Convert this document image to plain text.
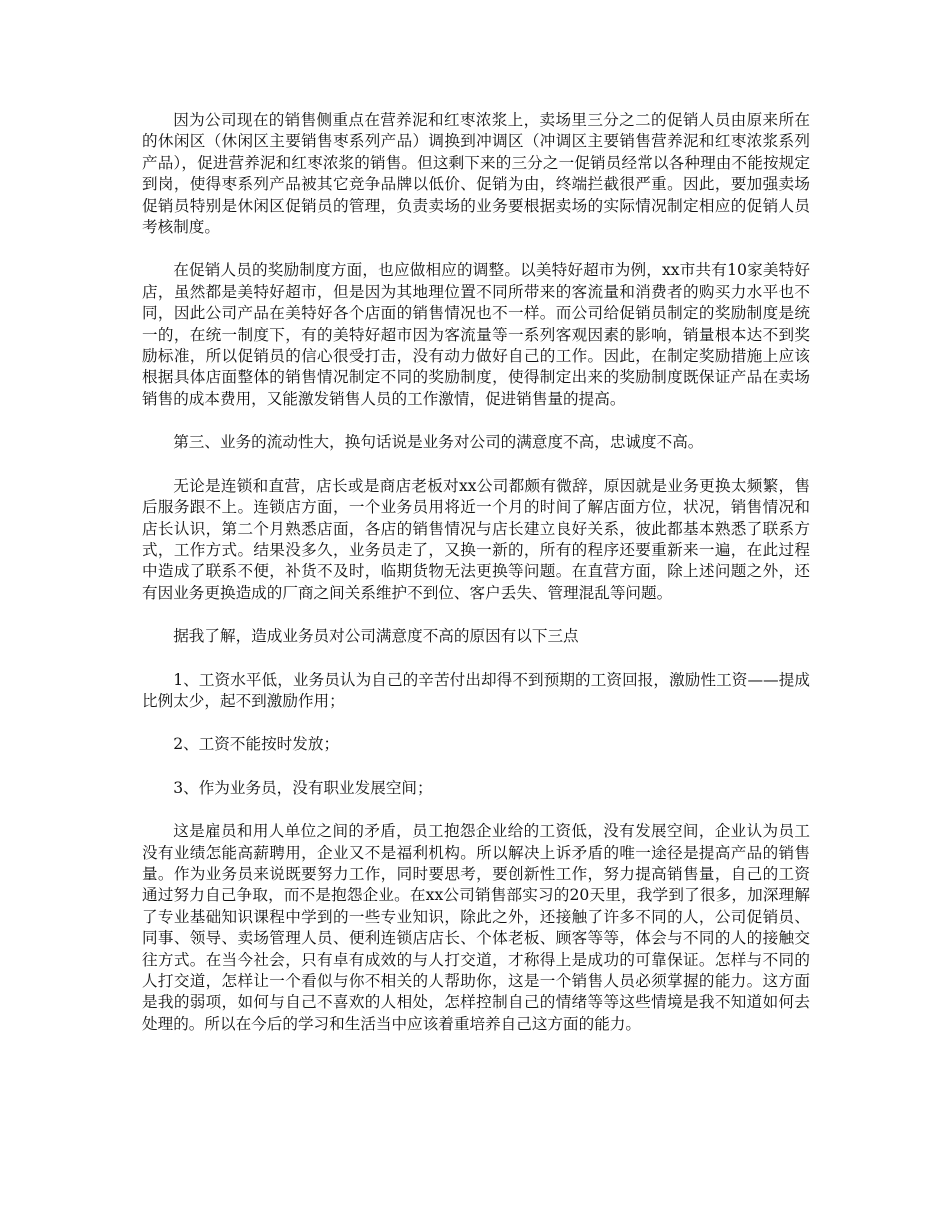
因为公司现在的销售侧重点在营养泥和红枣浓浆上，卖场里三分之二的促销人员由原来所在的休闲区（休闲区主要销售枣系列产品）调换到冲调区（冲调区主要销售营养泥和红枣浓浆系列产品），促进营养泥和红枣浓浆的销售。但这剩下来的三分之一促销员经常以各种理由不能按规定到岗，使得枣系列产品被其它竞争品牌以低价、促销为由，终端拦截很严重。因此，要加强卖场促销员特别是休闲区促销员的管理，负责卖场的业务要根据卖场的实际情况制定相应的促销人员考核制度。

在促销人员的奖励制度方面，也应做相应的调整。以美特好超市为例，xx市共有10家美特好店，虽然都是美特好超市，但是因为其地理位置不同所带来的客流量和消费者的购买力水平也不同，因此公司产品在美特好各个店面的销售情况也不一样。而公司给促销员制定的奖励制度是统一的，在统一制度下，有的美特好超市因为客流量等一系列客观因素的影响，销量根本达不到奖励标准，所以促销员的信心很受打击，没有动力做好自己的工作。因此，在制定奖励措施上应该根据具体店面整体的销售情况制定不同的奖励制度，使得制定出来的奖励制度既保证产品在卖场销售的成本费用，又能激发销售人员的工作激情，促进销售量的提高。

第三、业务的流动性大，换句话说是业务对公司的满意度不高，忠诚度不高。

无论是连锁和直营，店长或是商店老板对xx公司都颇有微辞，原因就是业务更换太频繁，售后服务跟不上。连锁店方面，一个业务员用将近一个月的时间了解店面方位，状况，销售情况和店长认识，第二个月熟悉店面，各店的销售情况与店长建立良好关系，彼此都基本熟悉了联系方式，工作方式。结果没多久，业务员走了，又换一新的，所有的程序还要重新来一遍，在此过程中造成了联系不便，补货不及时，临期货物无法更换等问题。在直营方面，除上述问题之外，还有因业务更换造成的厂商之间关系维护不到位、客户丢失、管理混乱等问题。

据我了解，造成业务员对公司满意度不高的原因有以下三点

1、工资水平低，业务员认为自己的辛苦付出却得不到预期的工资回报，激励性工资——提成比例太少，起不到激励作用；

2、工资不能按时发放；

3、作为业务员，没有职业发展空间；

这是雇员和用人单位之间的矛盾，员工抱怨企业给的工资低，没有发展空间，企业认为员工没有业绩怎能高薪聘用，企业又不是福利机构。所以解决上诉矛盾的唯一途径是提高产品的销售量。作为业务员来说既要努力工作，同时要思考，要创新性工作，努力提高销售量，自己的工资通过努力自己争取，而不是抱怨企业。在xx公司销售部实习的20天里，我学到了很多，加深理解了专业基础知识课程中学到的一些专业知识，除此之外，还接触了许多不同的人，公司促销员、同事、领导、卖场管理人员、便利连锁店店长、个体老板、顾客等等，体会与不同的人的接触交往方式。在当今社会，只有卓有成效的与人打交道，才称得上是成功的可靠保证。怎样与不同的人打交道，怎样让一个看似与你不相关的人帮助你，这是一个销售人员必须掌握的能力。这方面是我的弱项，如何与自己不喜欢的人相处，怎样控制自己的情绪等等这些情境是我不知道如何去处理的。所以在今后的学习和生活当中应该着重培养自己这方面的能力。
